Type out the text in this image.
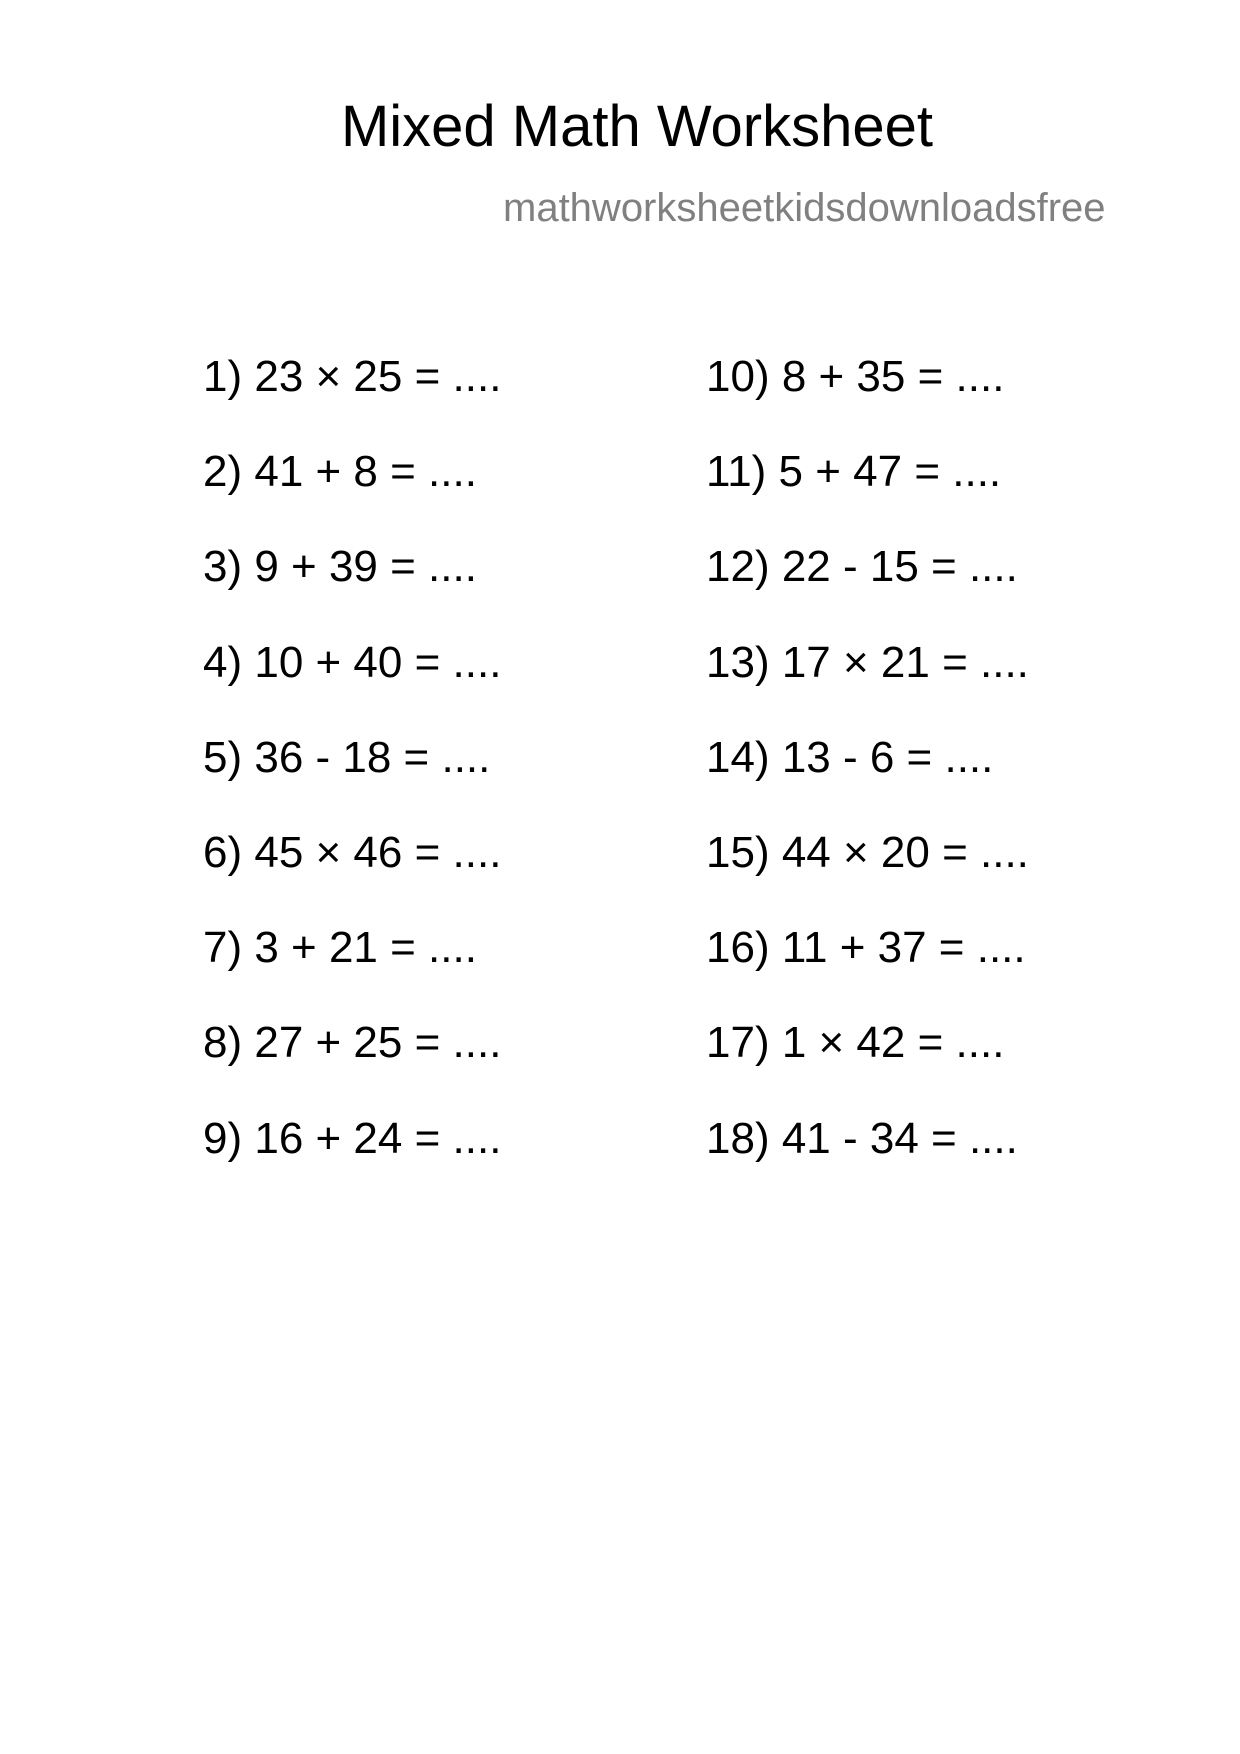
Mixed Math Worksheet
mathworksheetkidsdownloadsfree
1) 23 × 25 = ....
2) 41 + 8 = ....
3) 9 + 39 = ....
4) 10 + 40 = ....
5) 36 - 18 = ....
6) 45 × 46 = ....
7) 3 + 21 = ....
8) 27 + 25 = ....
9) 16 + 24 = ....
10) 8 + 35 = ....
11) 5 + 47 = ....
12) 22 - 15 = ....
13) 17 × 21 = ....
14) 13 - 6 = ....
15) 44 × 20 = ....
16) 11 + 37 = ....
17) 1 × 42 = ....
18) 41 - 34 = ....
